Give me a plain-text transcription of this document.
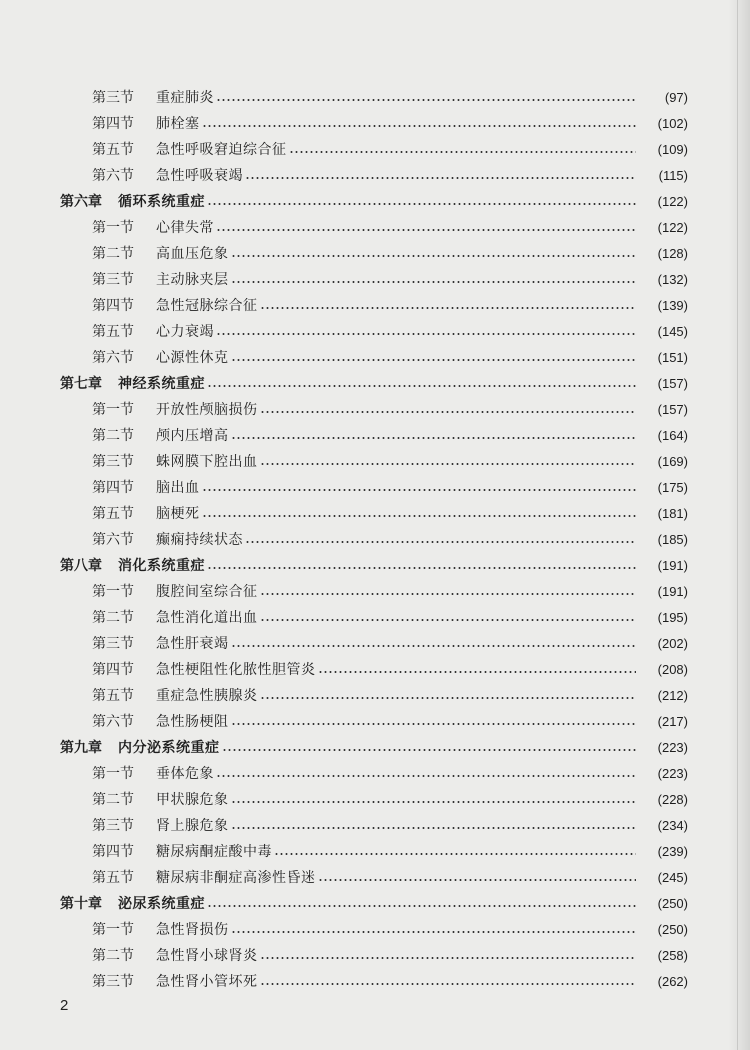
第三节 重症肺炎	(97)
第四节 肺栓塞	(102)
第五节 急性呼吸窘迫综合征	(109)
第六节 急性呼吸衰竭	(115)
第六章 循环系统重症	(122)
第一节 心律失常	(122)
第二节 高血压危象	(128)
第三节 主动脉夹层	(132)
第四节 急性冠脉综合征	(139)
第五节 心力衰竭	(145)
第六节 心源性休克	(151)
第七章 神经系统重症	(157)
第一节 开放性颅脑损伤	(157)
第二节 颅内压增高	(164)
第三节 蛛网膜下腔出血	(169)
第四节 脑出血	(175)
第五节 脑梗死	(181)
第六节 癫痫持续状态	(185)
第八章 消化系统重症	(191)
第一节 腹腔间室综合征	(191)
第二节 急性消化道出血	(195)
第三节 急性肝衰竭	(202)
第四节 急性梗阻性化脓性胆管炎	(208)
第五节 重症急性胰腺炎	(212)
第六节 急性肠梗阻	(217)
第九章 内分泌系统重症	(223)
第一节 垂体危象	(223)
第二节 甲状腺危象	(228)
第三节 肾上腺危象	(234)
第四节 糖尿病酮症酸中毒	(239)
第五节 糖尿病非酮症高渗性昏迷	(245)
第十章 泌尿系统重症	(250)
第一节 急性肾损伤	(250)
第二节 急性肾小球肾炎	(258)
第三节 急性肾小管坏死	(262)
2
